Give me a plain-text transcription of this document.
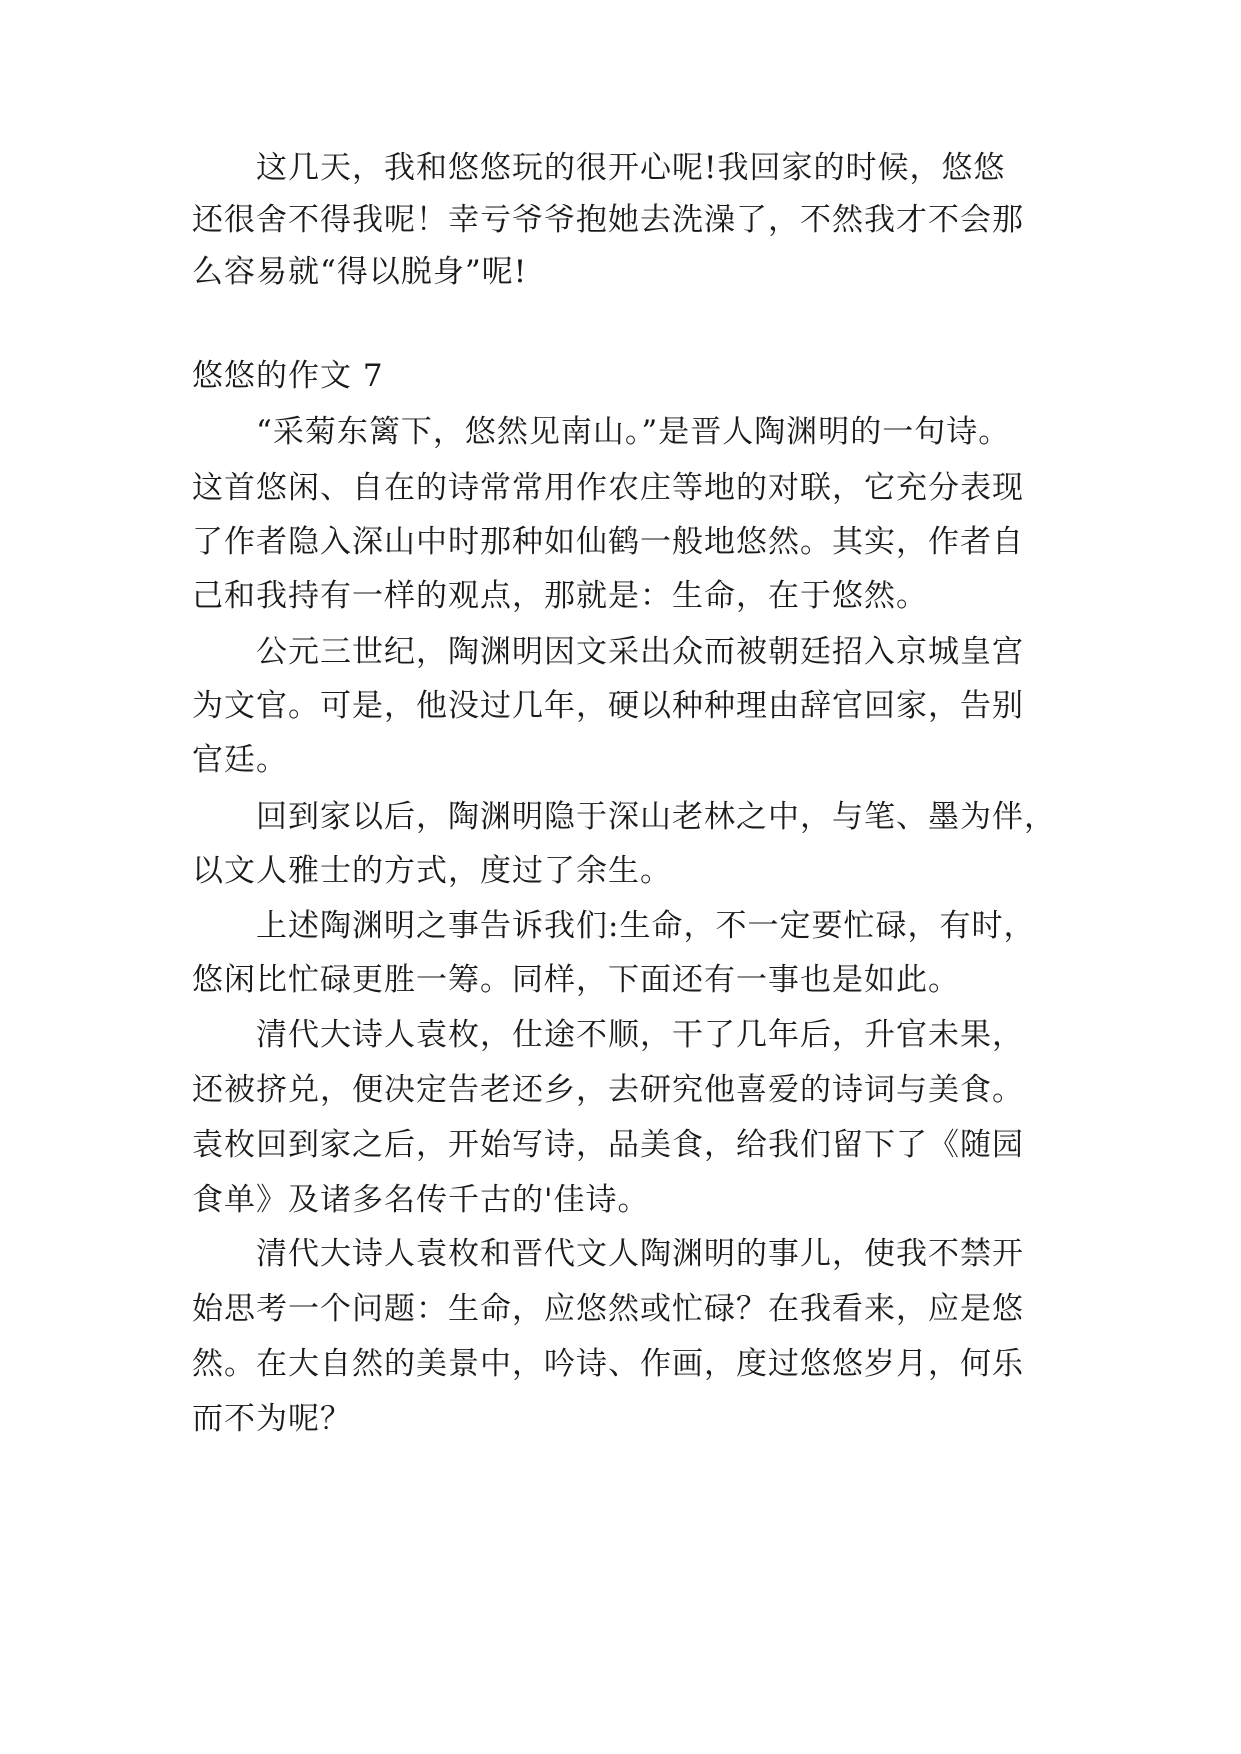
　　这几天，我和悠悠玩的很开心呢!我回家的时候，悠悠
还很舍不得我呢！幸亏爷爷抱她去洗澡了，不然我才不会那
么容易就“得以脱身”呢!
悠悠的作文 7
　　“采菊东篱下，悠然见南山。”是晋人陶渊明的一句诗。
这首悠闲、自在的诗常常用作农庄等地的对联，它充分表现
了作者隐入深山中时那种如仙鹤一般地悠然。其实，作者自
己和我持有一样的观点，那就是：生命，在于悠然。
　　公元三世纪，陶渊明因文采出众而被朝廷招入京城皇宫
为文官。可是，他没过几年，硬以种种理由辞官回家，告别
官廷。
　　回到家以后，陶渊明隐于深山老林之中，与笔、墨为伴，
以文人雅士的方式，度过了余生。
　　上述陶渊明之事告诉我们:生命，不一定要忙碌，有时，
悠闲比忙碌更胜一筹。同样，下面还有一事也是如此。
　　清代大诗人袁枚，仕途不顺，干了几年后，升官未果，
还被挤兑，便决定告老还乡，去研究他喜爱的诗词与美食。
袁枚回到家之后，开始写诗，品美食，给我们留下了《随园
食单》及诸多名传千古的'佳诗。
　　清代大诗人袁枚和晋代文人陶渊明的事儿，使我不禁开
始思考一个问题：生命，应悠然或忙碌？在我看来，应是悠
然。在大自然的美景中，吟诗、作画，度过悠悠岁月，何乐
而不为呢？
